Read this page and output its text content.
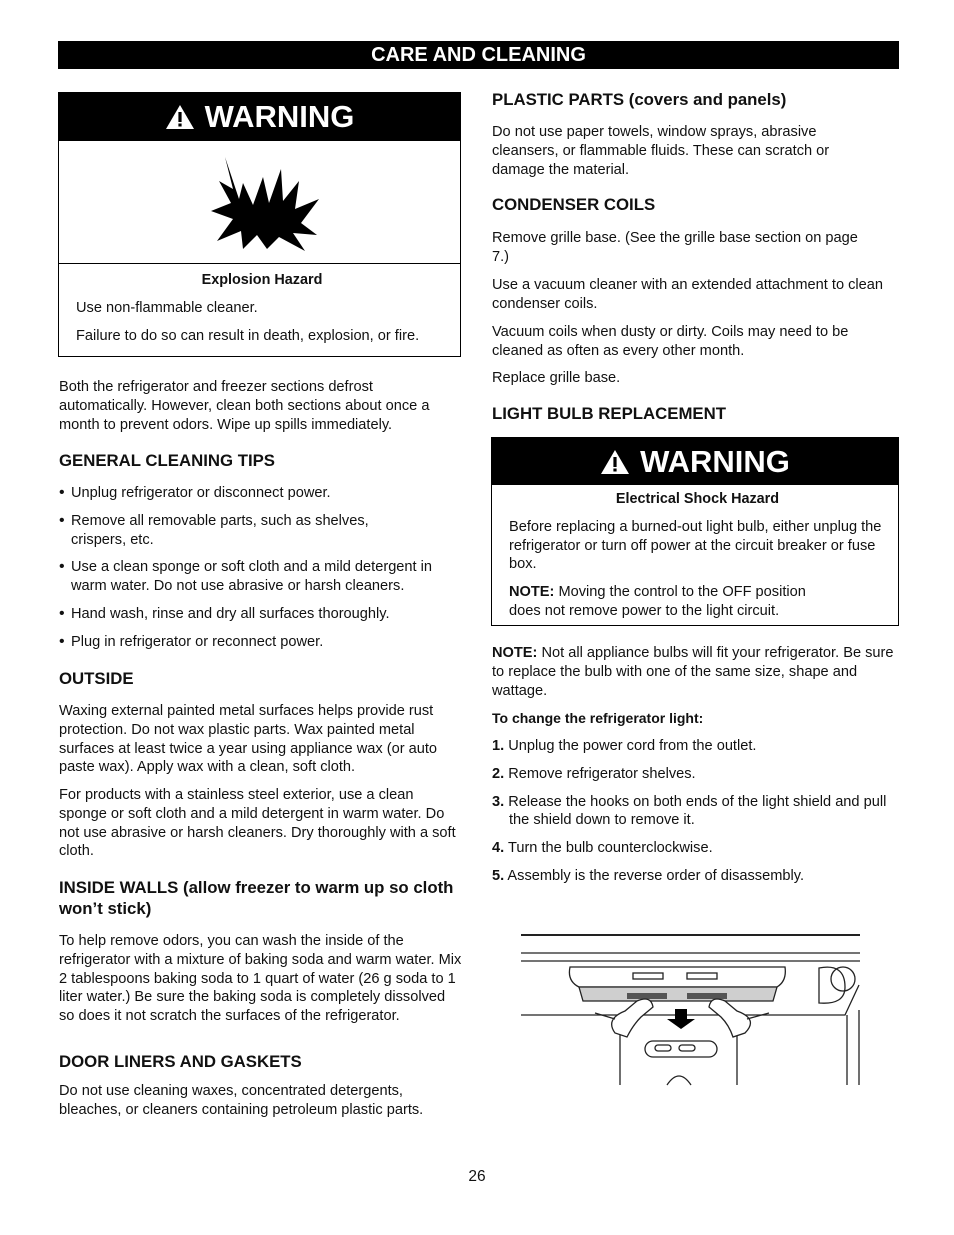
CARE AND CLEANING
WARNING

Explosion Hazard

Use non-flammable cleaner.

Failure to do so can result in death, explosion, or fire.

Both the refrigerator and freezer sections defrost automatically. However, clean both sections about once a month to prevent odors. Wipe up spills immediately.

GENERAL CLEANING TIPS

• Unplug refrigerator or disconnect power.

• Remove all removable parts, such as shelves, crispers, etc.

• Use a clean sponge or soft cloth and a mild detergent in warm water. Do not use abrasive or harsh cleaners.

• Hand wash, rinse and dry all surfaces thoroughly.

• Plug in refrigerator or reconnect power.

OUTSIDE

Waxing external painted metal surfaces helps provide rust protection. Do not wax plastic parts. Wax painted metal surfaces at least twice a year using appliance wax (or auto paste wax). Apply wax with a clean, soft cloth.

For products with a stainless steel exterior, use a clean sponge or soft cloth and a mild detergent in warm water. Do not use abrasive or harsh cleaners. Dry thoroughly with a soft cloth.

INSIDE WALLS (allow freezer to warm up so cloth won’t stick)

To help remove odors, you can wash the inside of the refrigerator with a mixture of baking soda and warm water. Mix 2 tablespoons baking soda to 1 quart of water (26 g soda to 1 liter water.) Be sure the baking soda is completely dissolved so does it not scratch the surfaces of the refrigerator.

DOOR LINERS AND GASKETS

Do not use cleaning waxes, concentrated detergents, bleaches, or cleaners containing petroleum plastic parts.

PLASTIC PARTS (covers and panels)

Do not use paper towels, window sprays, abrasive cleansers, or flammable fluids. These can scratch or damage the material.

CONDENSER COILS

Remove grille base. (See the grille base section on page 7.)

Use a vacuum cleaner with an extended attachment to clean condenser coils.

Vacuum coils when dusty or dirty. Coils may need to be cleaned as often as every other month.

Replace grille base.

LIGHT BULB REPLACEMENT

WARNING

Electrical Shock Hazard

Before replacing a burned-out light bulb, either unplug the refrigerator or turn off power at the circuit breaker or fuse box.

NOTE: Moving the control to the OFF position does not remove power to the light circuit.

NOTE: Not all appliance bulbs will fit your refrigerator. Be sure to replace the bulb with one of the same size, shape and wattage.

To change the refrigerator light:

1. Unplug the power cord from the outlet.

2. Remove refrigerator shelves.

3. Release the hooks on both ends of the light shield and pull the shield down to remove it.

4. Turn the bulb counterclockwise.

5. Assembly is the reverse order of disassembly.

26
